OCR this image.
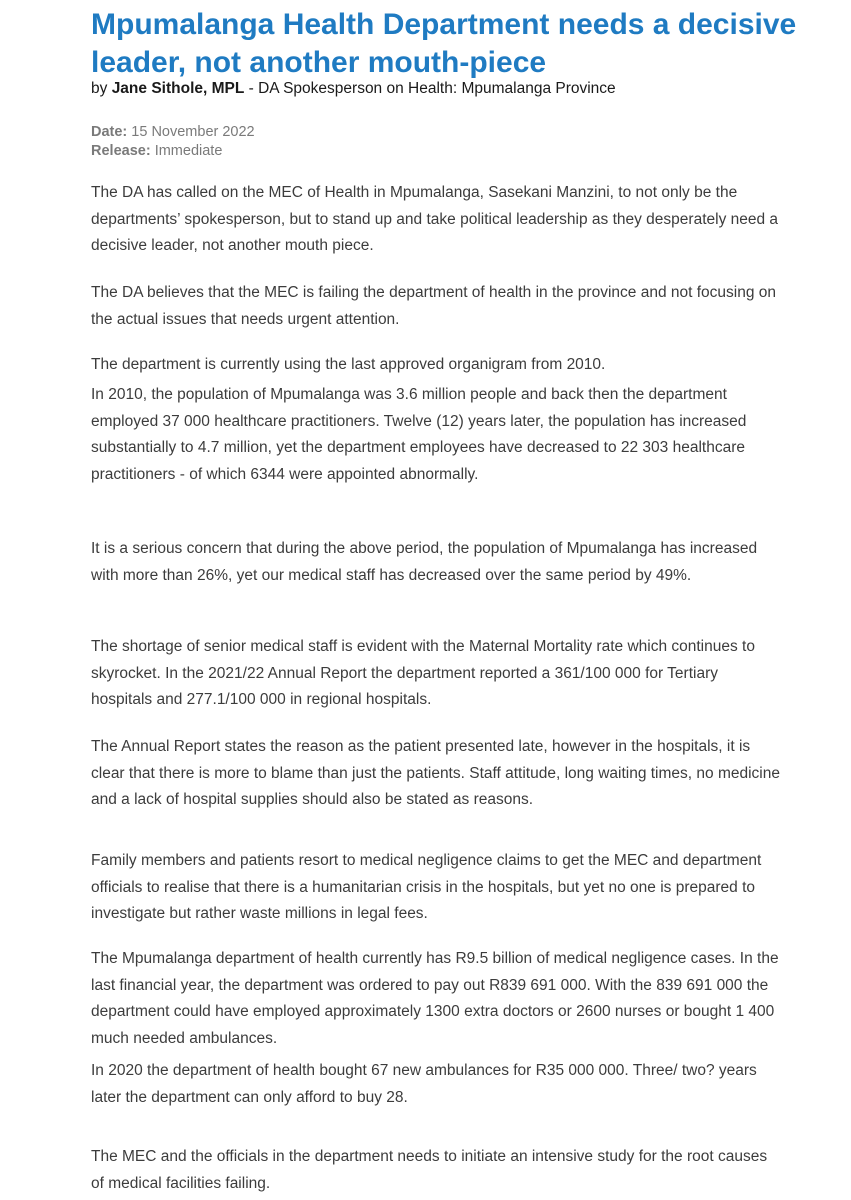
Mpumalanga Health Department needs a decisive leader, not another mouth-piece

by Jane Sithole, MPL - DA Spokesperson on Health: Mpumalanga Province

Date: 15 November 2022
Release: Immediate

The DA has called on the MEC of Health in Mpumalanga, Sasekani Manzini, to not only be the departments’ spokesperson, but to stand up and take political leadership as they desperately need a decisive leader, not another mouth piece.

The DA believes that the MEC is failing the department of health in the province and not focusing on the actual issues that needs urgent attention.

The department is currently using the last approved organigram from 2010.

In 2010, the population of Mpumalanga was 3.6 million people and back then the department employed 37 000 healthcare practitioners. Twelve (12) years later, the population has increased substantially to 4.7 million, yet the department employees have decreased to 22 303 healthcare practitioners - of which 6344 were appointed abnormally.

It is a serious concern that during the above period, the population of Mpumalanga has increased with more than 26%, yet our medical staff has decreased over the same period by 49%.

The shortage of senior medical staff is evident with the Maternal Mortality rate which continues to skyrocket. In the 2021/22 Annual Report the department reported a 361/100 000 for Tertiary hospitals and 277.1/100 000 in regional hospitals.

The Annual Report states the reason as the patient presented late, however in the hospitals, it is clear that there is more to blame than just the patients. Staff attitude, long waiting times, no medicine and a lack of hospital supplies should also be stated as reasons.

Family members and patients resort to medical negligence claims to get the MEC and department officials to realise that there is a humanitarian crisis in the hospitals, but yet no one is prepared to investigate but rather waste millions in legal fees.

The Mpumalanga department of health currently has R9.5 billion of medical negligence cases. In the last financial year, the department was ordered to pay out R839 691 000. With the 839 691 000 the department could have employed approximately 1300 extra doctors or 2600 nurses or bought 1 400 much needed ambulances.

In 2020 the department of health bought 67 new ambulances for R35 000 000. Three/ two? years later the department can only afford to buy 28.

The MEC and the officials in the department needs to initiate an intensive study for the root causes of medical facilities failing.
